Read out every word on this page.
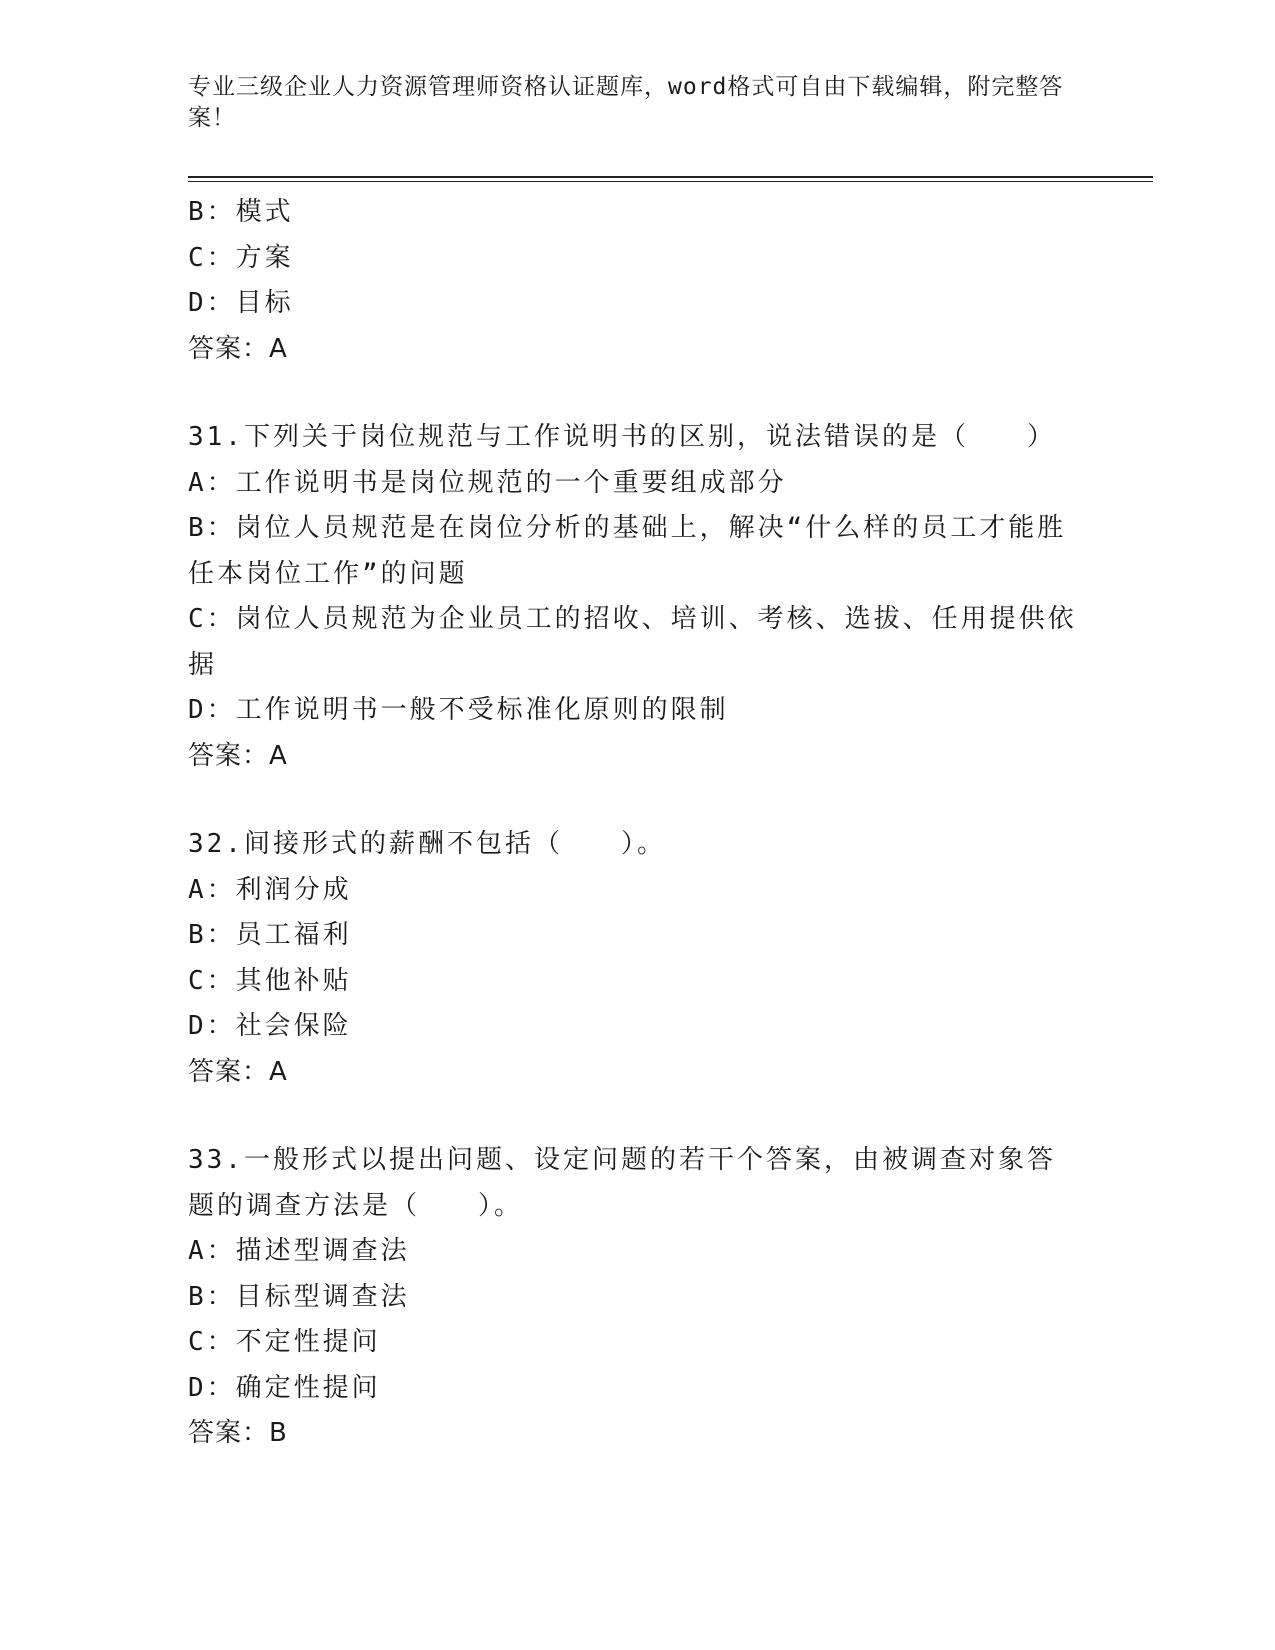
专业三级企业人力资源管理师资格认证题库，word格式可自由下载编辑，附完整答案！
B：模式
C：方案
D：目标
答案：A
31.下列关于岗位规范与工作说明书的区别，说法错误的是（　　）
A：工作说明书是岗位规范的一个重要组成部分
B：岗位人员规范是在岗位分析的基础上，解决“什么样的员工才能胜任本岗位工作”的问题
C：岗位人员规范为企业员工的招收、培训、考核、选拔、任用提供依据
D：工作说明书一般不受标准化原则的限制
答案：A
32.间接形式的薪酬不包括（　　）。
A：利润分成
B：员工福利
C：其他补贴
D：社会保险
答案：A
33.一般形式以提出问题、设定问题的若干个答案，由被调查对象答题的调查方法是（　　）。
A：描述型调查法
B：目标型调查法
C：不定性提问
D：确定性提问
答案：B
